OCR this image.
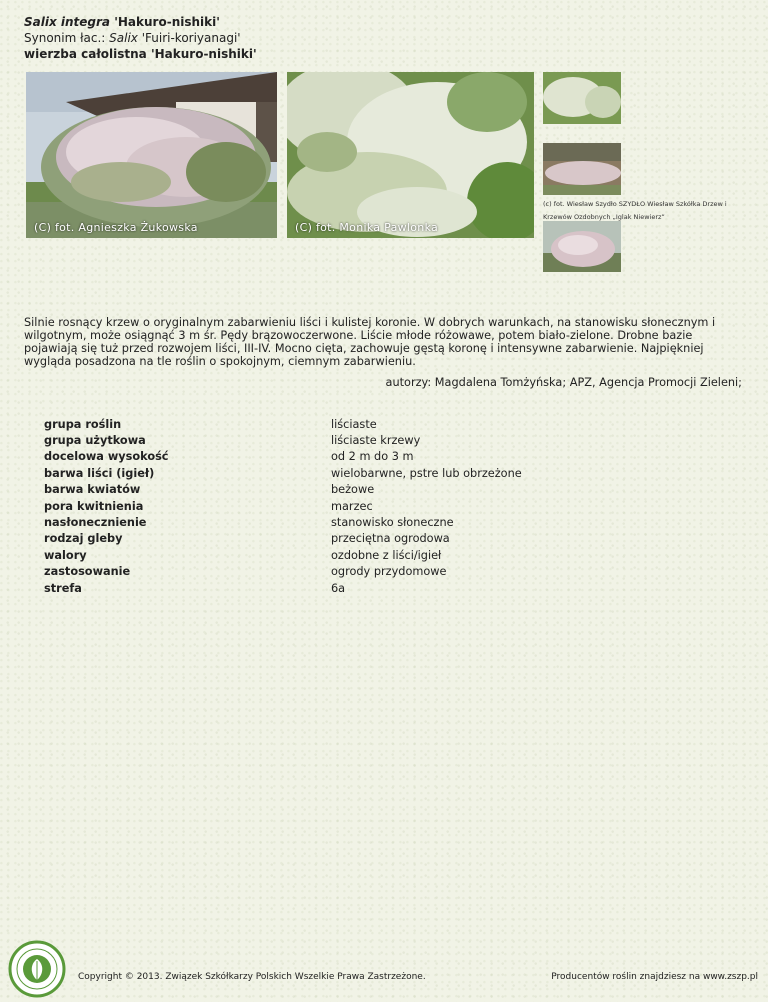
Salix integra 'Hakuro-nishiki'
Synonim łac.: Salix 'Fuiri-koriyanagi'
wierzba całolistna 'Hakuro-nishiki'
(C) fot. Agnieszka Żukowska	(C) fot. Monika Pawlonka
(c) fot. Wiesław Szydło SZYDŁO Wiesław Szkółka Drzew i Krzewów Ozdobnych „Iglak Niewierz”
Silnie rosnący krzew o oryginalnym zabarwieniu liści i kulistej koronie. W dobrych warunkach, na stanowisku słonecznym i wilgotnym, może osiągnąć 3 m śr. Pędy brązowoczerwone. Liście młode różowawe, potem biało-zielone. Drobne bazie pojawiają się tuż przed rozwojem liści, III-IV. Mocno cięta, zachowuje gęstą koronę i intensywne zabarwienie. Najpiękniej wygląda posadzona na tle roślin o spokojnym, ciemnym zabarwieniu.
autorzy: Magdalena Tomżyńska; APZ, Agencja Promocji Zieleni;
grupa roślin	liściaste
grupa użytkowa	liściaste krzewy
docelowa wysokość	od 2 m do 3 m
barwa liści (igieł)	wielobarwne, pstre lub obrzeżone
barwa kwiatów	beżowe
pora kwitnienia	marzec
nasłonecznienie	stanowisko słoneczne
rodzaj gleby	przeciętna ogrodowa
walory	ozdobne z liści/igieł
zastosowanie	ogrody przydomowe
strefa	6a
Copyright © 2013. Związek Szkółkarzy Polskich Wszelkie Prawa Zastrzeżone.	Producentów roślin znajdziesz na www.zszp.pl
